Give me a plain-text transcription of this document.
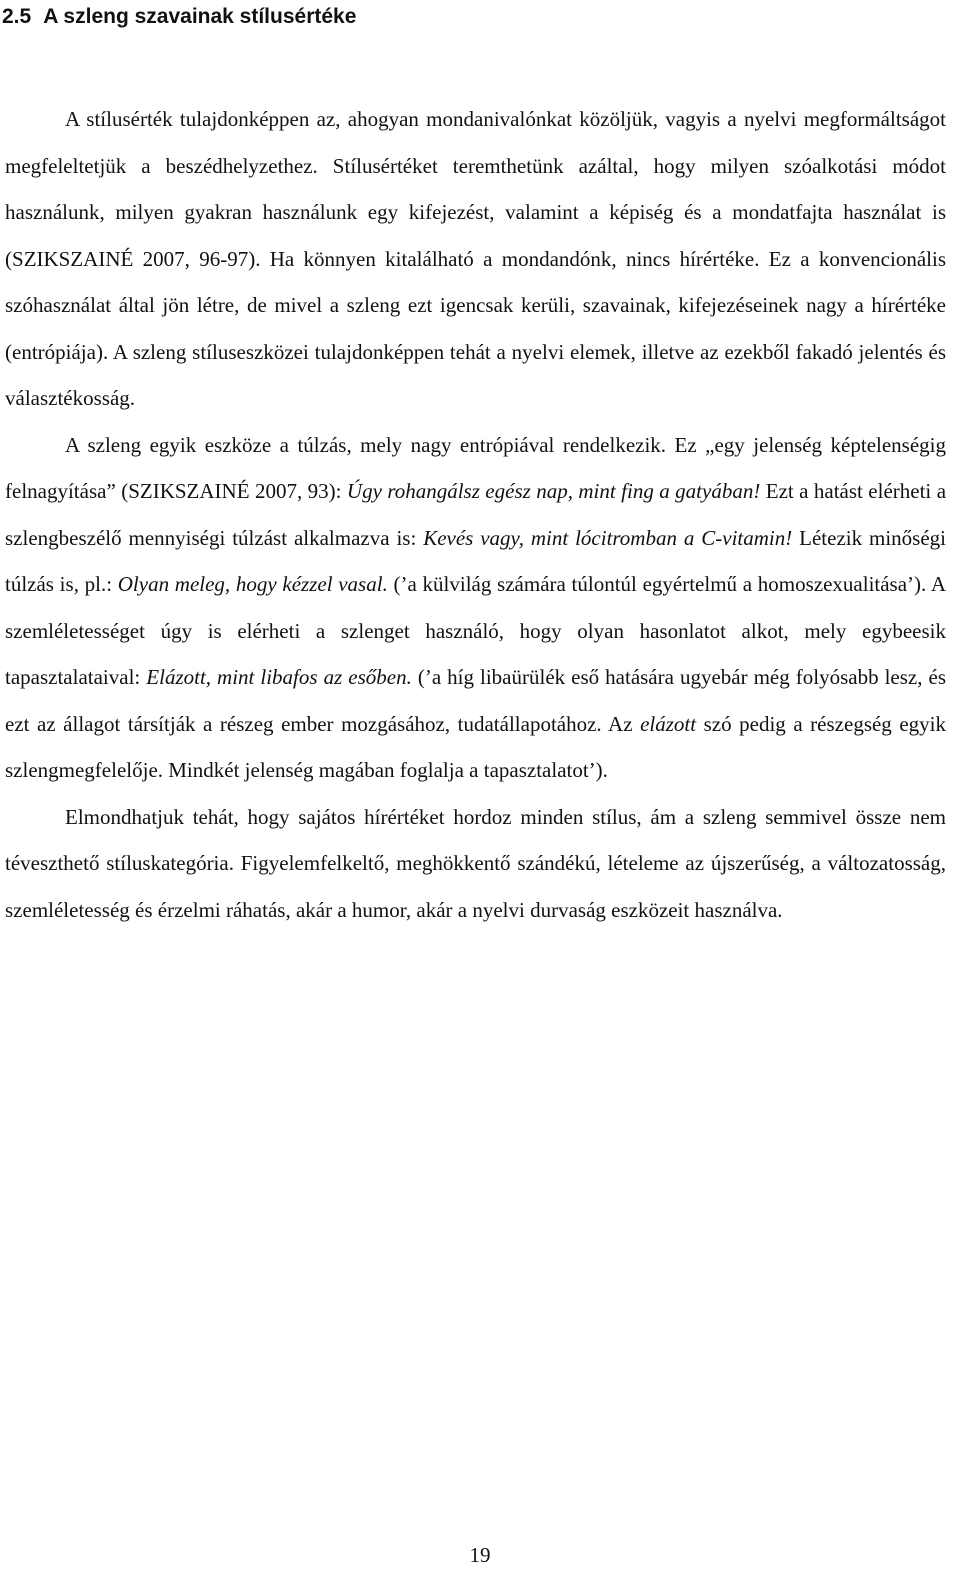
2.5 A szleng szavainak stílusértéke

A stílusérték tulajdonképpen az, ahogyan mondanivalónkat közöljük, vagyis a nyelvi megformáltságot megfeleltetjük a beszédhelyzethez. Stílusértéket teremthetünk azáltal, hogy milyen szóalkotási módot használunk, milyen gyakran használunk egy kifejezést, valamint a képiség és a mondatfajta használat is (SZIKSZAINÉ 2007, 96-97). Ha könnyen kitalálható a mondandónk, nincs hírértéke. Ez a konvencionális szóhasználat által jön létre, de mivel a szleng ezt igencsak kerüli, szavainak, kifejezéseinek nagy a hírértéke (entrópiája). A szleng stíluseszközei tulajdonképpen tehát a nyelvi elemek, illetve az ezekből fakadó jelentés és választékosság.

A szleng egyik eszköze a túlzás, mely nagy entrópiával rendelkezik. Ez „egy jelenség képtelenségig felnagyítása” (SZIKSZAINÉ 2007, 93): Úgy rohangálsz egész nap, mint fing a gatyában! Ezt a hatást elérheti a szlengbeszélő mennyiségi túlzást alkalmazva is: Kevés vagy, mint lócitromban a C-vitamin! Létezik minőségi túlzás is, pl.: Olyan meleg, hogy kézzel vasal. (’a külvilág számára túlontúl egyértelmű a homoszexualitása’). A szemléletességet úgy is elérheti a szlenget használó, hogy olyan hasonlatot alkot, mely egybeesik tapasztalataival: Elázott, mint libafos az esőben. (’a híg libaürülék eső hatására ugyebár még folyósabb lesz, és ezt az állagot társítják a részeg ember mozgásához, tudatállapotához. Az elázott szó pedig a részegség egyik szlengmegfelelője. Mindkét jelenség magában foglalja a tapasztalatot’).

Elmondhatjuk tehát, hogy sajátos hírértéket hordoz minden stílus, ám a szleng semmivel össze nem téveszthető stíluskategória. Figyelemfelkeltő, meghökkentő szándékú, lételeme az újszerűség, a változatosság, szemléletesség és érzelmi ráhatás, akár a humor, akár a nyelvi durvaság eszközeit használva.

19
